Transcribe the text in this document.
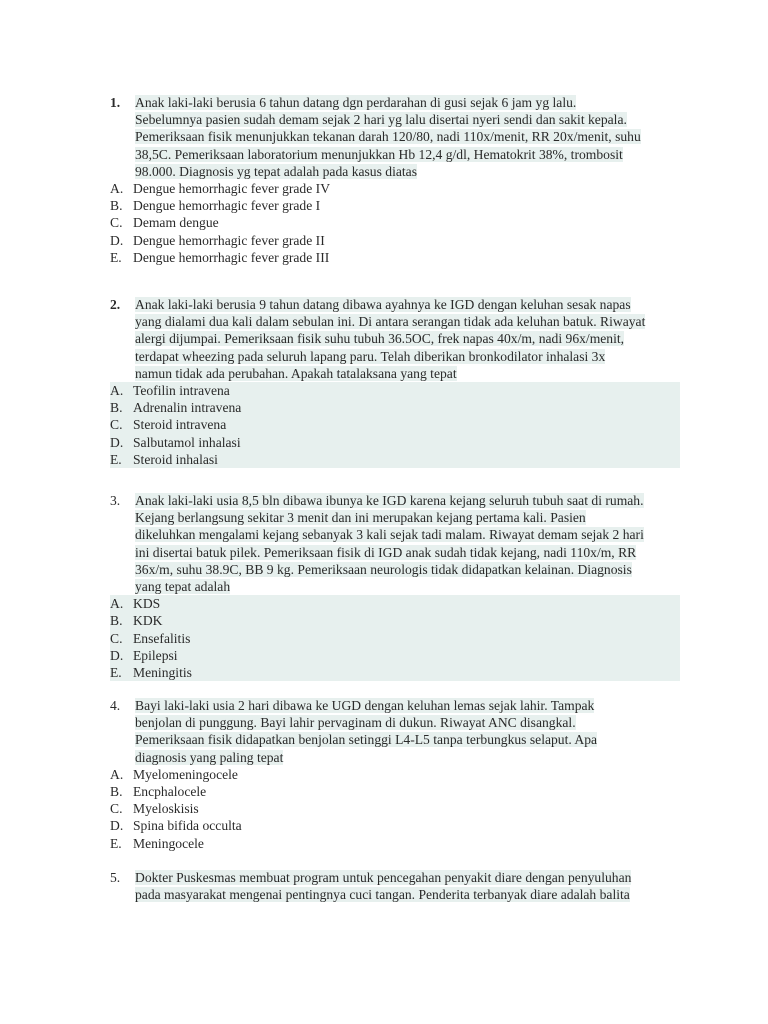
1.	Anak laki-laki berusia 6 tahun datang dgn perdarahan di gusi sejak 6 jam yg lalu.
Sebelumnya pasien sudah demam sejak 2 hari yg lalu disertai nyeri sendi dan sakit kepala.
Pemeriksaan fisik menunjukkan tekanan darah 120/80, nadi 110x/menit, RR 20x/menit, suhu
38,5C. Pemeriksaan laboratorium menunjukkan Hb 12,4 g/dl, Hematokrit 38%, trombosit
98.000. Diagnosis yg tepat adalah pada kasus diatas
A. Dengue hemorrhagic fever grade IV
B. Dengue hemorrhagic fever grade I
C. Demam dengue
D. Dengue hemorrhagic fever grade II
E. Dengue hemorrhagic fever grade III
2.	Anak laki-laki berusia 9 tahun datang dibawa ayahnya ke IGD dengan keluhan sesak napas
yang dialami dua kali dalam sebulan ini. Di antara serangan tidak ada keluhan batuk. Riwayat
alergi dijumpai. Pemeriksaan fisik suhu tubuh 36.5OC, frek napas 40x/m, nadi 96x/menit,
terdapat wheezing pada seluruh lapang paru. Telah diberikan bronkodilator inhalasi 3x
namun tidak ada perubahan. Apakah tatalaksana yang tepat
A. Teofilin intravena
B. Adrenalin intravena
C. Steroid intravena
D. Salbutamol inhalasi
E. Steroid inhalasi
3.	Anak laki-laki usia 8,5 bln dibawa ibunya ke IGD karena kejang seluruh tubuh saat di rumah.
Kejang berlangsung sekitar 3 menit dan ini merupakan kejang pertama kali. Pasien
dikeluhkan mengalami kejang sebanyak 3 kali sejak tadi malam. Riwayat demam sejak 2 hari
ini disertai batuk pilek. Pemeriksaan fisik di IGD anak sudah tidak kejang, nadi 110x/m, RR
36x/m, suhu 38.9C, BB 9 kg. Pemeriksaan neurologis tidak didapatkan kelainan. Diagnosis
yang tepat adalah
A. KDS
B. KDK
C. Ensefalitis
D. Epilepsi
E. Meningitis
4.	Bayi laki-laki usia 2 hari dibawa ke UGD dengan keluhan lemas sejak lahir. Tampak
benjolan di punggung. Bayi lahir pervaginam di dukun. Riwayat ANC disangkal.
Pemeriksaan fisik didapatkan benjolan setinggi L4-L5 tanpa terbungkus selaput. Apa
diagnosis yang paling tepat
A. Myelomeningocele
B. Encphalocele
C. Myeloskisis
D. Spina bifida occulta
E. Meningocele
5.	Dokter Puskesmas membuat program untuk pencegahan penyakit diare dengan penyuluhan
pada masyarakat mengenai pentingnya cuci tangan. Penderita terbanyak diare adalah balita
